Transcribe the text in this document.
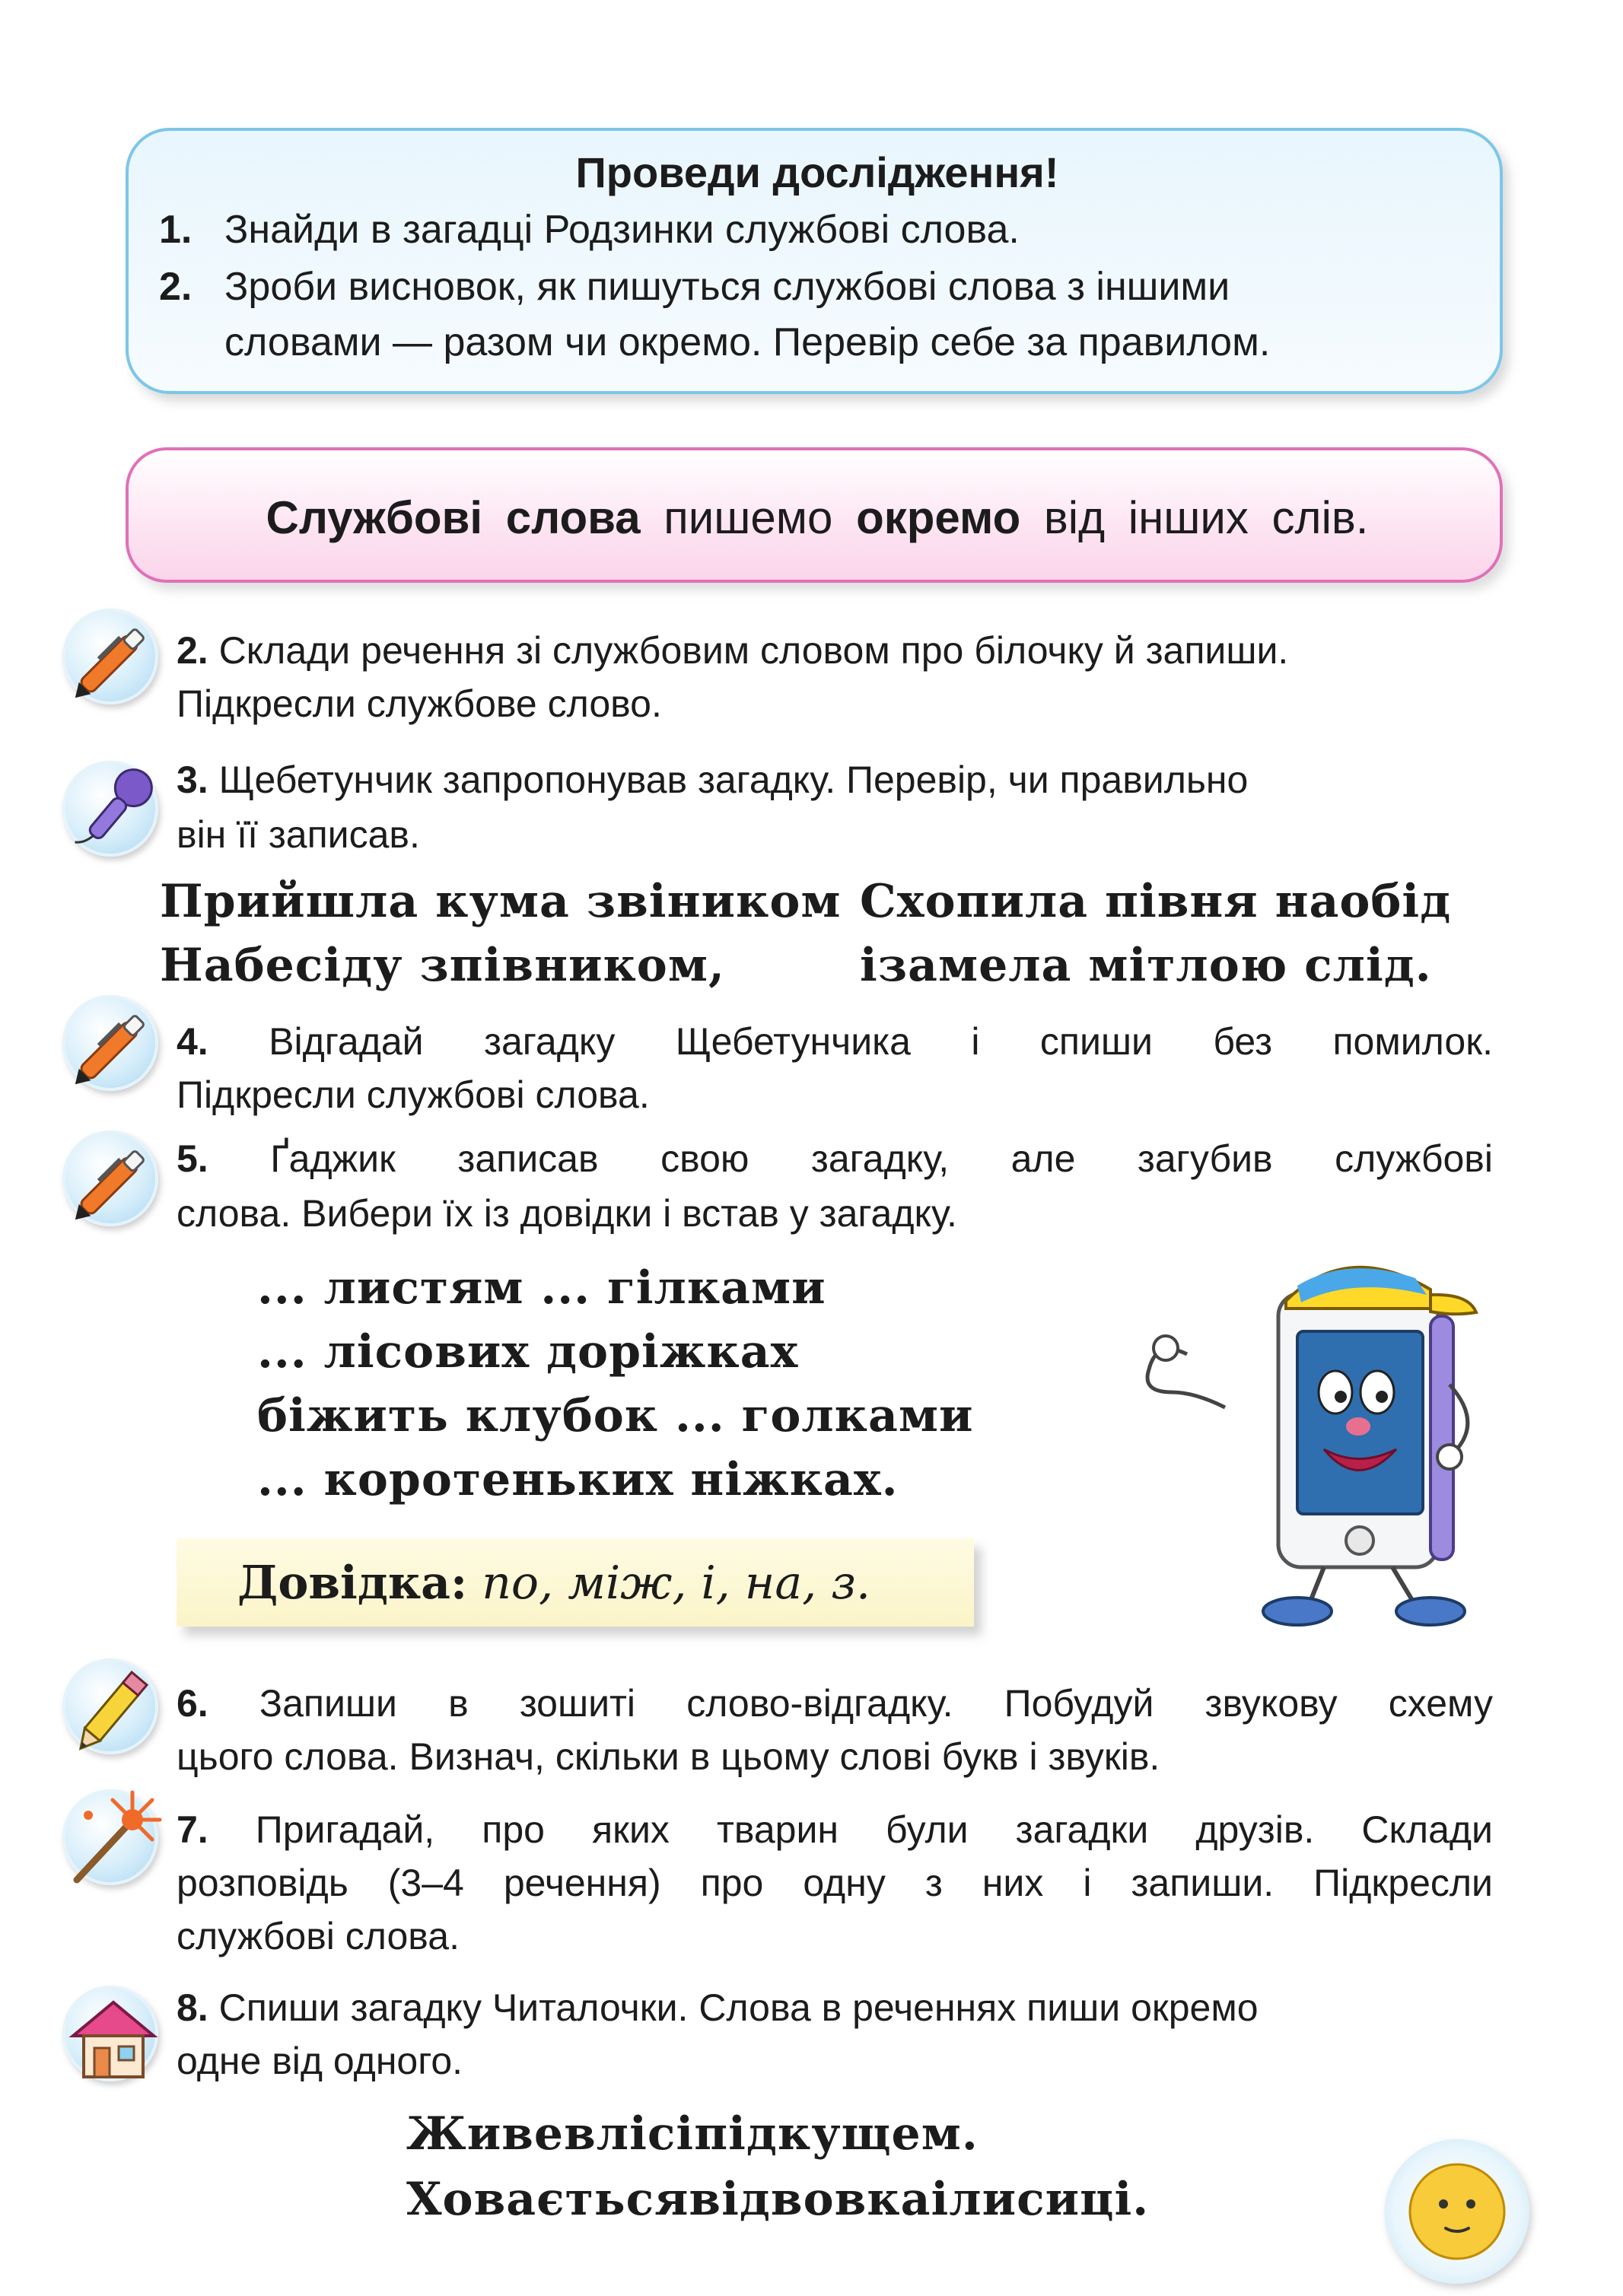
Проведи дослідження!
1. Знайди в загадці Родзинки службові слова.
2. Зроби висновок, як пишуться службові слова з іншими
словами — разом чи окремо. Перевір себе за правилом.
Службові слова пишемо окремо від інших слів.
2. Склади речення зі службовим словом про білочку й запиши.
Підкресли службове слово.
3. Щебетунчик запропонував загадку. Перевір, чи правильно
він її записав.
Прийшла кума звіником
Набесіду зпівником,
Схопила півня наобід
ізамела мітлою слід.
4. Відгадай загадку Щебетунчика і спиши без помилок.
Підкресли службові слова.
5. Ґаджик записав свою загадку, але загубив службові
слова. Вибери їх із довідки і встав у загадку.
... листям ... гілками
... лісових доріжках
біжить клубок ... голками
... коротеньких ніжках.
Довідка: по, між, і, на, з.
6. Запиши в зошиті слово-відгадку. Побудуй звукову схему
цього слова. Визнач, скільки в цьому слові букв і звуків.
7. Пригадай, про яких тварин були загадки друзів. Склади
розповідь (3–4 речення) про одну з них і запиши. Підкресли
службові слова.
8. Спиши загадку Читалочки. Слова в реченнях пиши окремо
одне від одного.
Живевлісіпідкущем.
Ховаєтьсявідвовкаілисиці.
